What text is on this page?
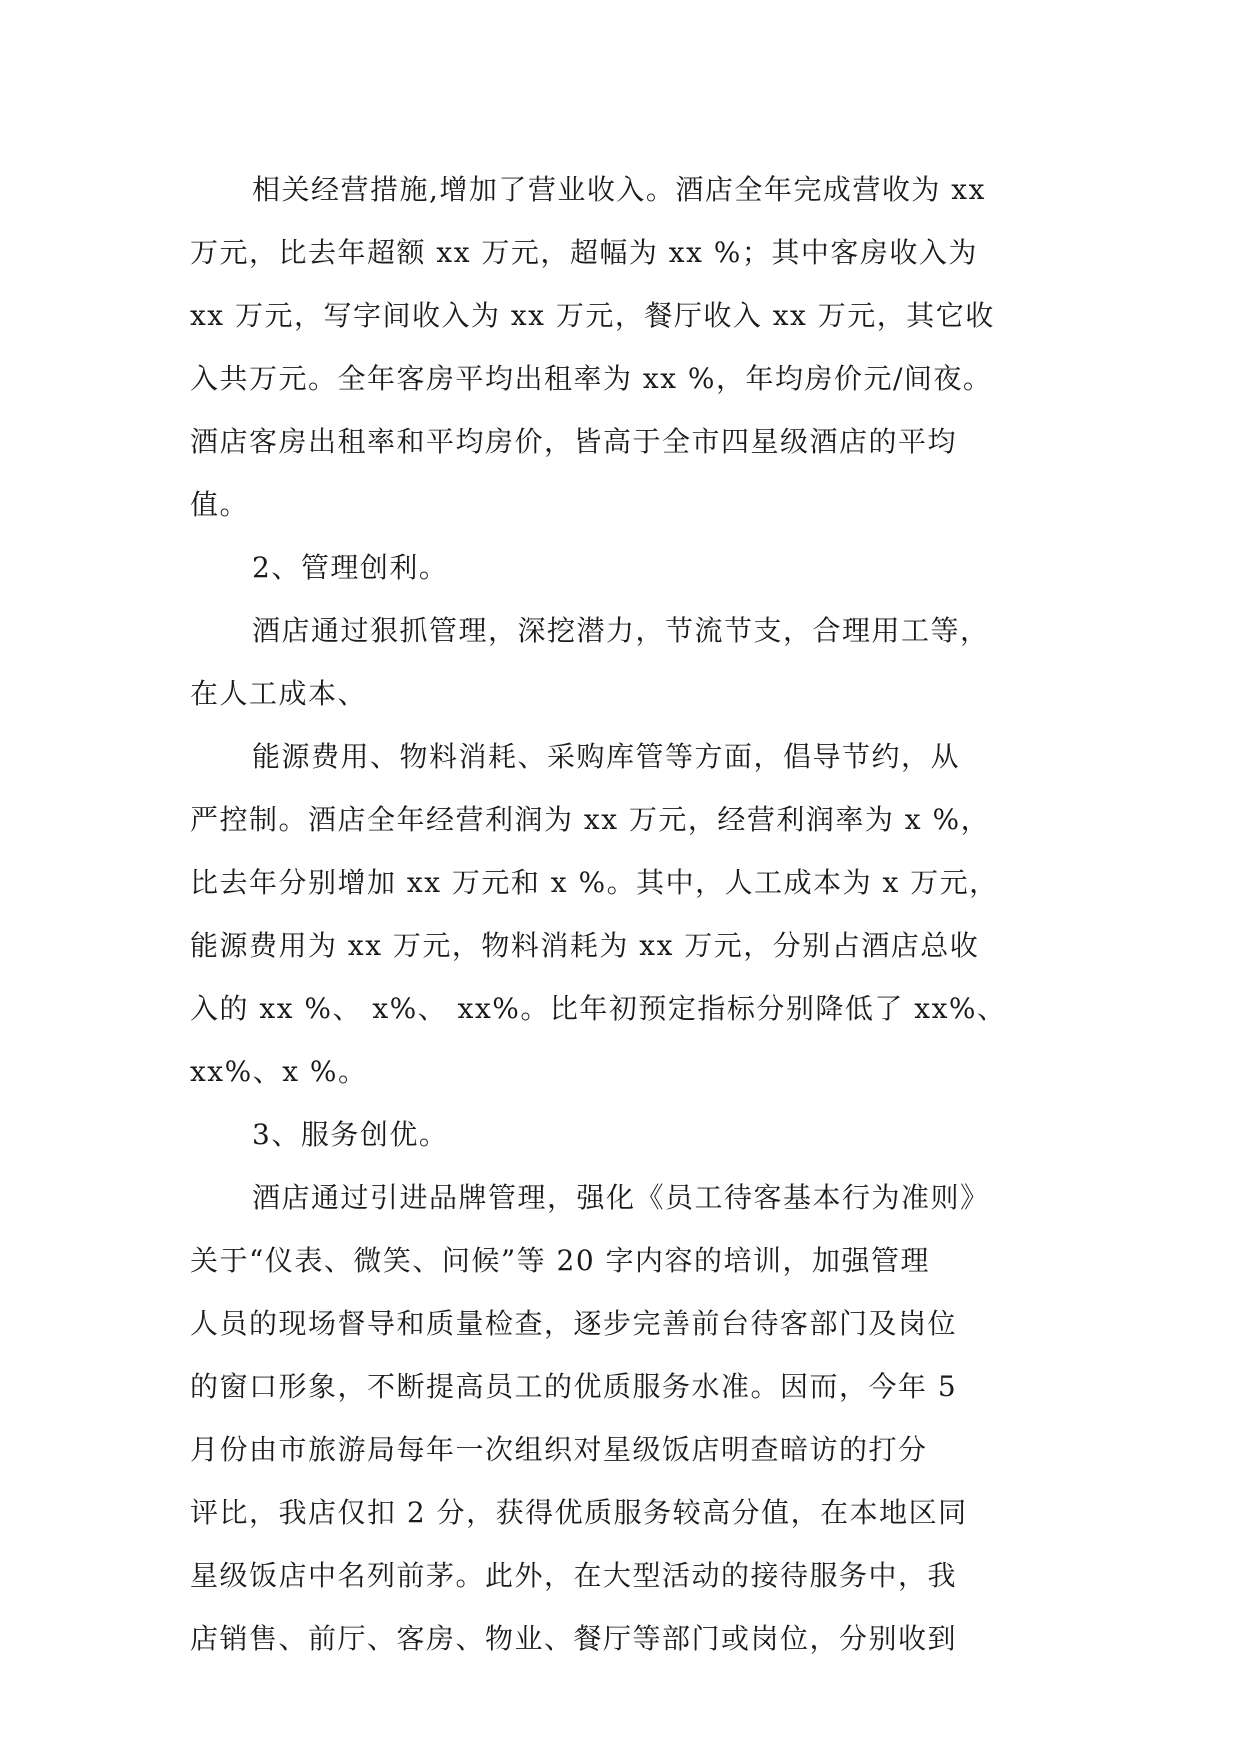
相关经营措施,增加了营业收入。酒店全年完成营收为 xx
万元，比去年超额 xx 万元，超幅为 xx %；其中客房收入为
xx 万元，写字间收入为 xx 万元，餐厅收入 xx 万元，其它收
入共万元。全年客房平均出租率为 xx %，年均房价元/间夜。
酒店客房出租率和平均房价，皆高于全市四星级酒店的平均
值。
2、管理创利。
酒店通过狠抓管理，深挖潜力，节流节支，合理用工等，
在人工成本、
能源费用、物料消耗、采购库管等方面，倡导节约，从
严控制。酒店全年经营利润为 xx 万元，经营利润率为 x %，
比去年分别增加 xx 万元和 x %。其中，人工成本为 x 万元，
能源费用为 xx 万元，物料消耗为 xx 万元，分别占酒店总收
入的 xx %、 x%、 xx%。比年初预定指标分别降低了 xx%、
xx%、x %。
3、服务创优。
酒店通过引进品牌管理，强化《员工待客基本行为准则》
关于“仪表、微笑、问候”等 20 字内容的培训，加强管理
人员的现场督导和质量检查，逐步完善前台待客部门及岗位
的窗口形象，不断提高员工的优质服务水准。因而，今年 5
月份由市旅游局每年一次组织对星级饭店明查暗访的打分
评比，我店仅扣 2 分，获得优质服务较高分值，在本地区同
星级饭店中名列前茅。此外，在大型活动的接待服务中，我
店销售、前厅、客房、物业、餐厅等部门或岗位，分别收到
